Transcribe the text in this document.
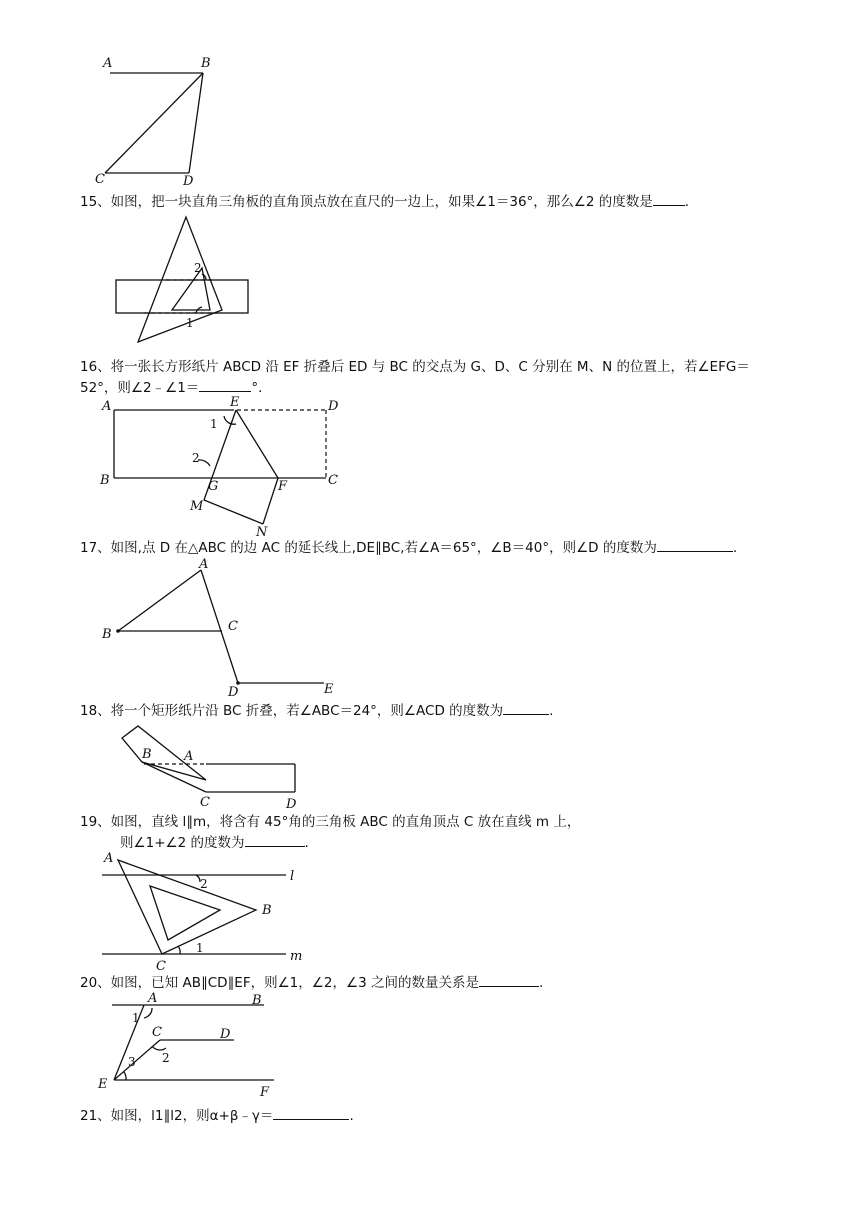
A	B
C	D
15、如图，把一块直角三角板的直角顶点放在直尺的一边上，如果∠1＝36°，那么∠2 的度数是 .
2
1
16、将一张长方形纸片 ABCD 沿 EF 折叠后 ED 与 BC 的交点为 G、D、C 分别在 M、N 的位置上，若∠EFG＝
52°，则∠2﹣∠1＝	°．
A	E	D
B	G	F	C
M
N
1
2
17、如图,点 D 在△ABC 的边 AC 的延长线上,DE∥BC,若∠A＝65°，∠B＝40°，则∠D 的度数为	.
A
B
C
D	E
18、将一个矩形纸片沿 BC 折叠，若∠ABC＝24°，则∠ACD 的度数为	.
B A
C	D
19、如图，直线 l∥m，将含有 45°角的三角板 ABC 的直角顶点 C 放在直线 m 上，
则∠1+∠2 的度数为	.
A
2	l
B
1
m
C
20、如图，已知 AB∥CD∥EF，则∠1，∠2，∠3 之间的数量关系是	.
A	B
1
C	D
2
3
E
F
21、如图，l1∥l2，则α+β﹣γ＝	.
